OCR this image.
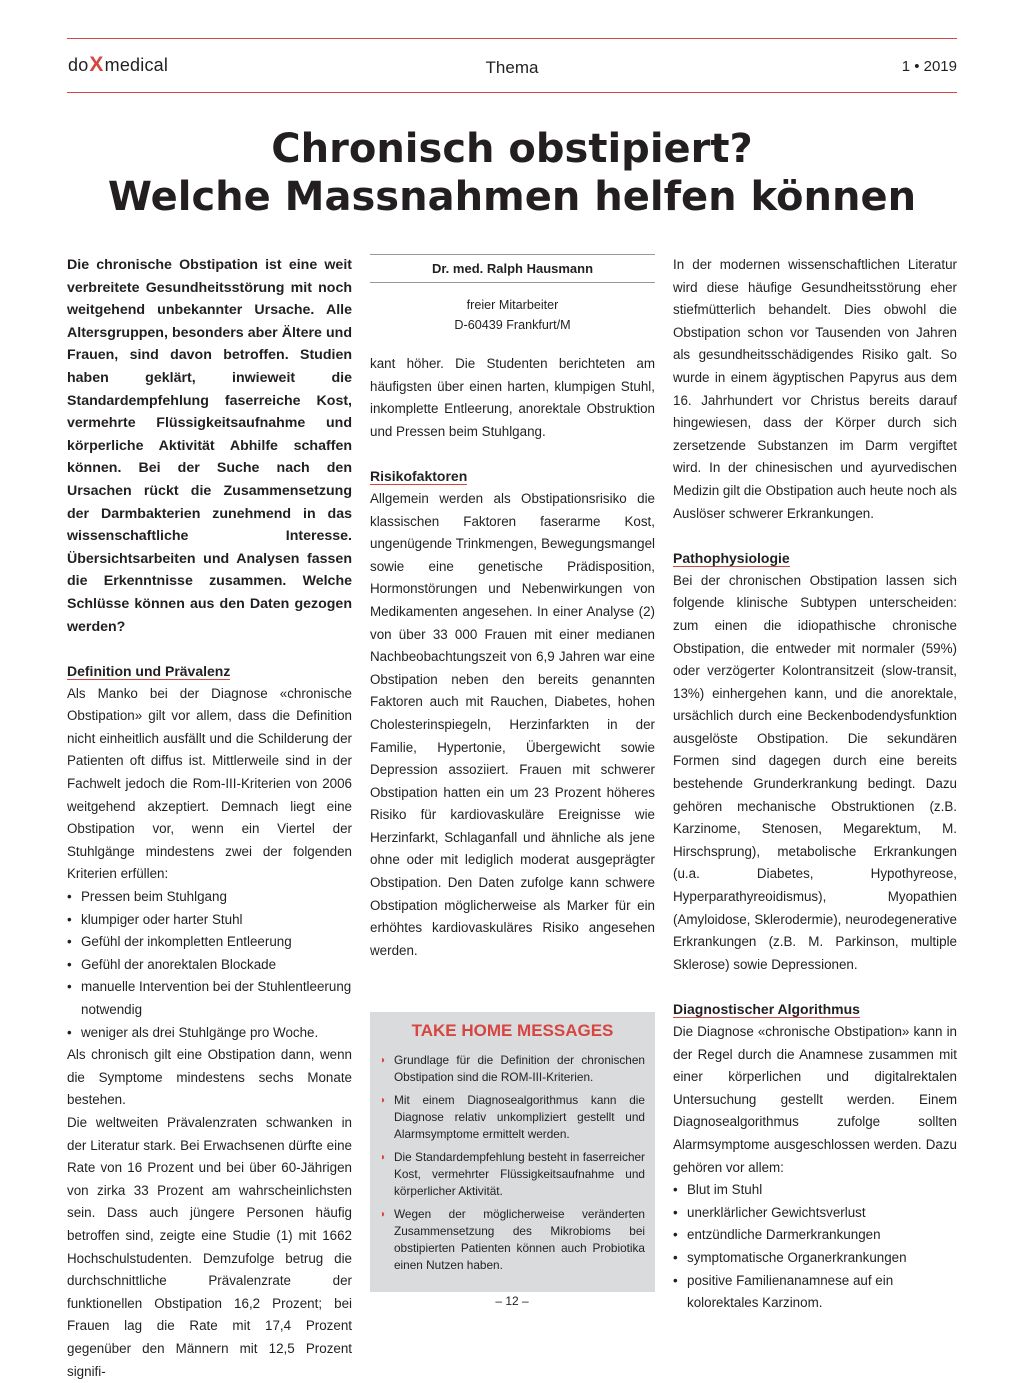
doXmedical	Thema	1 • 2019
Chronisch obstipiert?
Welche Massnahmen helfen können

Die chronische Obstipation ist eine weit verbreitete Gesundheitsstörung mit noch weitgehend unbekannter Ursache. Alle Altersgruppen, besonders aber Ältere und Frauen, sind davon betroffen. Studien haben geklärt, inwieweit die Standardempfehlung faserreiche Kost, vermehrte Flüssigkeitsaufnahme und körperliche Aktivität Abhilfe schaffen können. Bei der Suche nach den Ursachen rückt die Zusammensetzung der Darmbakterien zunehmend in das wissenschaftliche Interesse. Übersichtsarbeiten und Analysen fassen die Erkenntnisse zusammen. Welche Schlüsse können aus den Daten gezogen werden?

Definition und Prävalenz

Als Manko bei der Diagnose «chronische Obstipation» gilt vor allem, dass die Definition nicht einheitlich ausfällt und die Schilderung der Patienten oft diffus ist. Mittlerweile sind in der Fachwelt jedoch die Rom-III-Kriterien von 2006 weitgehend akzeptiert. Demnach liegt eine Obstipation vor, wenn ein Viertel der Stuhlgänge mindestens zwei der folgenden Kriterien erfüllen:

• Pressen beim Stuhlgang
• klumpiger oder harter Stuhl
• Gefühl der inkompletten Entleerung
• Gefühl der anorektalen Blockade
• manuelle Intervention bei der Stuhlentleerung notwendig
• weniger als drei Stuhlgänge pro Woche.

Als chronisch gilt eine Obstipation dann, wenn die Symptome mindestens sechs Monate bestehen.

Die weltweiten Prävalenzraten schwanken in der Literatur stark. Bei Erwachsenen dürfte eine Rate von 16 Prozent und bei über 60-Jährigen von zirka 33 Prozent am wahrscheinlichsten sein. Dass auch jüngere Personen häufig betroffen sind, zeigte eine Studie (1) mit 1662 Hochschulstudenten. Demzufolge betrug die durchschnittliche Prävalenzrate der funktionellen Obstipation 16,2 Prozent; bei Frauen lag die Rate mit 17,4 Prozent gegenüber den Männern mit 12,5 Prozent signifi-

Dr. med. Ralph Hausmann
freier Mitarbeiter
D-60439 Frankfurt/M

kant höher. Die Studenten berichteten am häufigsten über einen harten, klumpigen Stuhl, inkomplette Entleerung, anorektale Obstruktion und Pressen beim Stuhlgang.

Risikofaktoren

Allgemein werden als Obstipationsrisiko die klassischen Faktoren faserarme Kost, ungenügende Trinkmengen, Bewegungsmangel sowie eine genetische Prädisposition, Hormonstörungen und Nebenwirkungen von Medikamenten angesehen. In einer Analyse (2) von über 33 000 Frauen mit einer medianen Nachbeobachtungszeit von 6,9 Jahren war eine Obstipation neben den bereits genannten Faktoren auch mit Rauchen, Diabetes, hohen Cholesterinspiegeln, Herzinfarkten in der Familie, Hypertonie, Übergewicht sowie Depression assoziiert. Frauen mit schwerer Obstipation hatten ein um 23 Prozent höheres Risiko für kardiovaskuläre Ereignisse wie Herzinfarkt, Schlaganfall und ähnliche als jene ohne oder mit lediglich moderat ausgeprägter Obstipation. Den Daten zufolge kann schwere Obstipation möglicherweise als Marker für ein erhöhtes kardiovaskuläres Risiko angesehen werden.

TAKE HOME MESSAGES
◗ Grundlage für die Definition der chronischen Obstipation sind die ROM-III-Kriterien.
◗ Mit einem Diagnosealgorithmus kann die Diagnose relativ unkompliziert gestellt und Alarmsymptome ermittelt werden.
◗ Die Standardempfehlung besteht in faserreicher Kost, vermehrter Flüssigkeitsaufnahme und körperlicher Aktivität.
◗ Wegen der möglicherweise veränderten Zusammensetzung des Mikrobioms bei obstipierten Patienten können auch Probiotika einen Nutzen haben.

In der modernen wissenschaftlichen Literatur wird diese häufige Gesundheitsstörung eher stiefmütterlich behandelt. Dies obwohl die Obstipation schon vor Tausenden von Jahren als gesundheitsschädigendes Risiko galt. So wurde in einem ägyptischen Papyrus aus dem 16. Jahrhundert vor Christus bereits darauf hingewiesen, dass der Körper durch sich zersetzende Substanzen im Darm vergiftet wird. In der chinesischen und ayurvedischen Medizin gilt die Obstipation auch heute noch als Auslöser schwerer Erkrankungen.

Pathophysiologie

Bei der chronischen Obstipation lassen sich folgende klinische Subtypen unterscheiden: zum einen die idiopathische chronische Obstipation, die entweder mit normaler (59%) oder verzögerter Kolontransitzeit (slow-transit, 13%) einhergehen kann, und die anorektale, ursächlich durch eine Beckenbodendysfunktion ausgelöste Obstipation. Die sekundären Formen sind dagegen durch eine bereits bestehende Grunderkrankung bedingt. Dazu gehören mechanische Obstruktionen (z.B. Karzinome, Stenosen, Megarektum, M. Hirschsprung), metabolische Erkrankungen (u.a. Diabetes, Hypothyreose, Hyperparathyreoidismus), Myopathien (Amyloidose, Sklerodermie), neurodegenerative Erkrankungen (z.B. M. Parkinson, multiple Sklerose) sowie Depressionen.

Diagnostischer Algorithmus

Die Diagnose «chronische Obstipation» kann in der Regel durch die Anamnese zusammen mit einer körperlichen und digitalrektalen Untersuchung gestellt werden. Einem Diagnosealgorithmus zufolge sollten Alarmsymptome ausgeschlossen werden. Dazu gehören vor allem:

• Blut im Stuhl
• unerklärlicher Gewichtsverlust
• entzündliche Darmerkrankungen
• symptomatische Organerkrankungen
• positive Familienanamnese auf ein kolorektales Karzinom.
– 12 –
